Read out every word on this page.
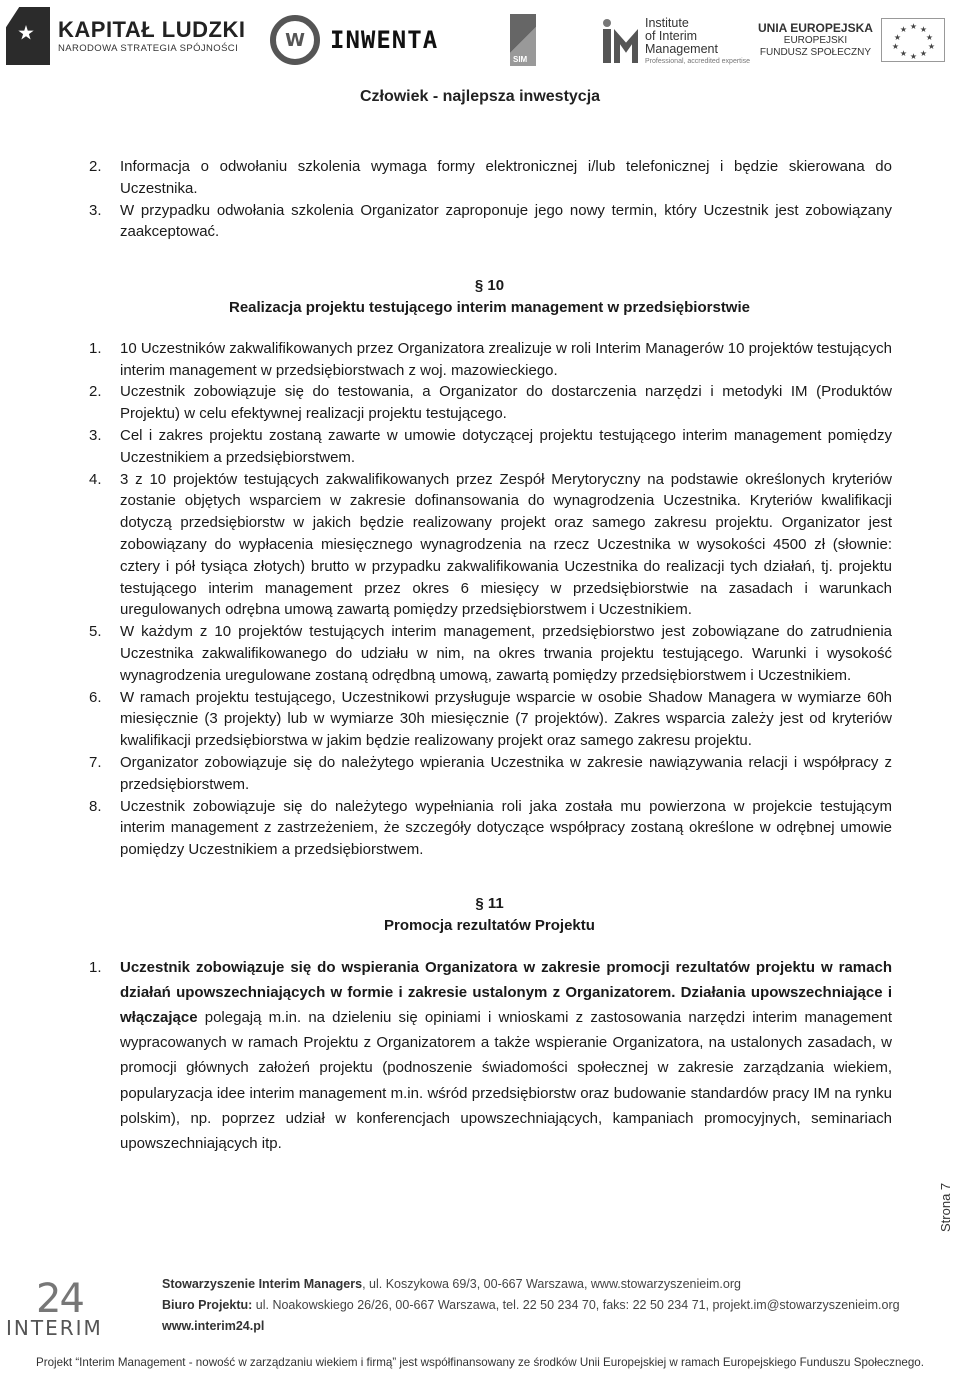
KAPITAŁ LUDZKI
NARODOWA STRATEGIA SPÓJNOŚCI	W	INWENTA
SIM
Institute
of Interim
Management
Professional, accredited expertise
UNIA EUROPEJSKA
EUROPEJSKI
FUNDUSZ SPOŁECZNY
★ ★
★
★
★
★
★
★
★
★
Człowiek - najlepsza inwestycja
2. Informacja o odwołaniu szkolenia wymaga formy elektronicznej i/lub telefonicznej i będzie skierowana do Uczestnika.
3. W przypadku odwołania szkolenia Organizator zaproponuje jego nowy termin, który Uczestnik jest zobowiązany zaakceptować.
§ 10
Realizacja projektu testującego interim management w przedsiębiorstwie
1. 10 Uczestników zakwalifikowanych przez Organizatora zrealizuje w roli Interim Managerów 10 projektów testujących interim management w przedsiębiorstwach z woj. mazowieckiego.
2. Uczestnik zobowiązuje się do testowania, a Organizator do dostarczenia narzędzi i metodyki IM (Produktów Projektu) w celu efektywnej realizacji projektu testującego.
3. Cel i zakres projektu zostaną zawarte w umowie dotyczącej projektu testującego interim management pomiędzy Uczestnikiem a przedsiębiorstwem.
4. 3 z 10 projektów testujących zakwalifikowanych przez Zespół Merytoryczny na podstawie określonych kryteriów zostanie objętych wsparciem w zakresie dofinansowania do wynagrodzenia Uczestnika. Kryteriów kwalifikacji dotyczą przedsiębiorstw w jakich będzie realizowany projekt oraz samego zakresu projektu. Organizator jest zobowiązany do wypłacenia miesięcznego wynagrodzenia na rzecz Uczestnika w wysokości 4500 zł (słownie: cztery i pół tysiąca złotych) brutto w przypadku zakwalifikowania Uczestnika do realizacji tych działań, tj. projektu testującego interim management przez okres 6 miesięcy w przedsiębiorstwie na zasadach i warunkach uregulowanych odrębna umową zawartą pomiędzy przedsiębiorstwem i Uczestnikiem.
5. W każdym z 10 projektów testujących interim management, przedsiębiorstwo jest zobowiązane do zatrudnienia Uczestnika zakwalifikowanego do udziału w nim, na okres trwania projektu testującego. Warunki i wysokość wynagrodzenia uregulowane zostaną odrędbną umową, zawartą pomiędzy przedsiębiorstwem i Uczestnikiem.
6. W ramach projektu testującego, Uczestnikowi przysługuje wsparcie w osobie Shadow Managera w wymiarze 60h miesięcznie (3 projekty) lub w wymiarze 30h miesięcznie (7 projektów). Zakres wsparcia zależy jest od kryteriów kwalifikacji przedsiębiorstwa w jakim będzie realizowany projekt oraz samego zakresu projektu.
7. Organizator zobowiązuje się do należytego wpierania Uczestnika w zakresie nawiązywania relacji i współpracy z przedsiębiorstwem.
8. Uczestnik zobowiązuje się do należytego wypełniania roli jaka została mu powierzona w projekcie testującym interim management z zastrzeżeniem, że szczegóły dotyczące współpracy zostaną określone w odrębnej umowie pomiędzy Uczestnikiem a przedsiębiorstwem.
§ 11
Promocja rezultatów Projektu
1. Uczestnik zobowiązuje się do wspierania Organizatora w zakresie promocji rezultatów projektu w ramach działań upowszechniających w formie i zakresie ustalonym z Organizatorem. Działania upowszechniające i włączające polegają m.in. na dzieleniu się opiniami i wnioskami z zastosowania narzędzi interim management wypracowanych w ramach Projektu z Organizatorem a także wspieranie Organizatora, na ustalonych zasadach, w promocji głównych założeń projektu (podnoszenie świadomości społecznej w zakresie zarządzania wiekiem, popularyzacja idee interim management m.in. wśród przedsiębiorstw oraz budowanie standardów pracy IM na rynku polskim), np. poprzez udział w konferencjach upowszechniających, kampaniach promocyjnych, seminariach upowszechniających itp.
Strona 7
24
INTERIM
Stowarzyszenie Interim Managers, ul. Koszykowa 69/3, 00-667 Warszawa, www.stowarzyszenieim.org
Biuro Projektu: ul. Noakowskiego 26/26, 00-667 Warszawa, tel. 22 50 234 70, faks: 22 50 234 71, projekt.im@stowarzyszenieim.org
www.interim24.pl
Projekt “Interim Management - nowość w zarządzaniu wiekiem i firmą” jest współfinansowany ze środków Unii Europejskiej w ramach Europejskiego Funduszu Społecznego.
